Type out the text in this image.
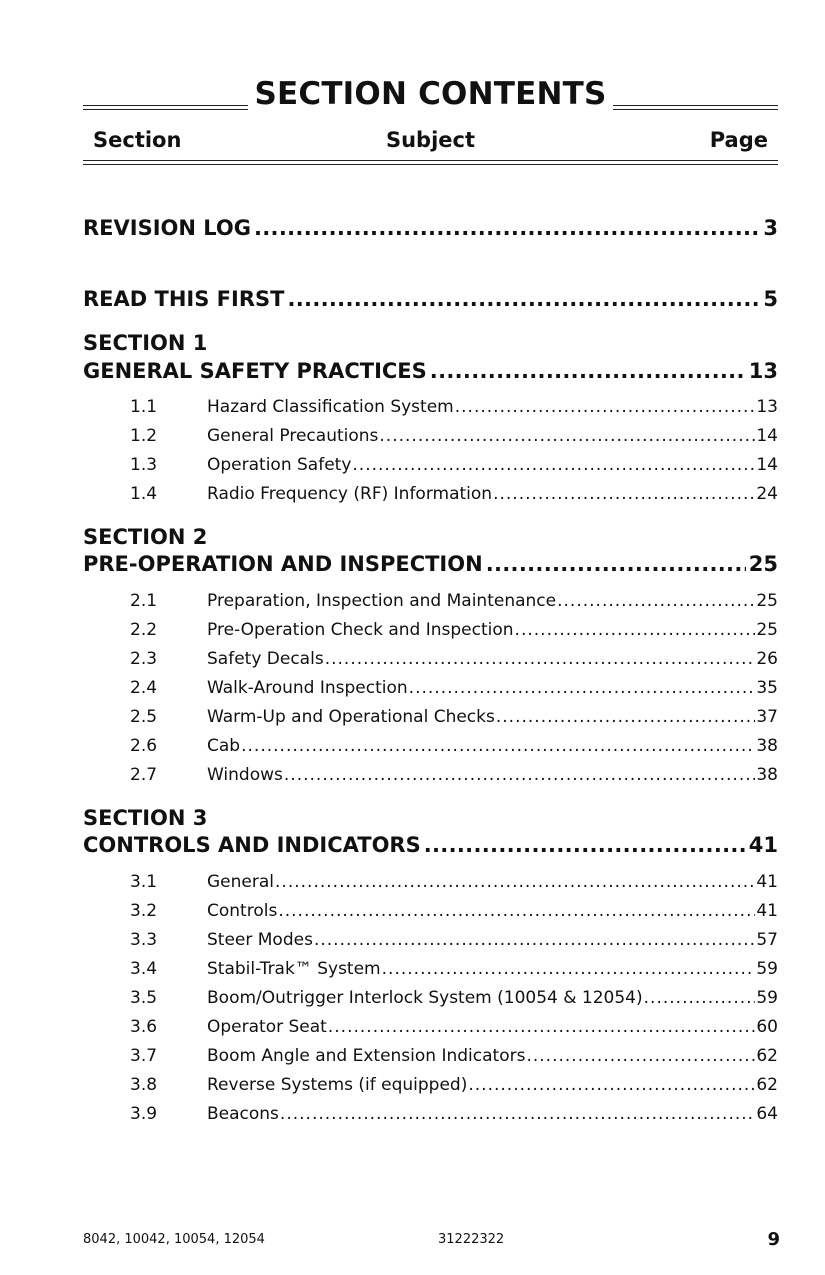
SECTION CONTENTS
Section	Subject	Page
REVISION LOG . . .	3
READ THIS FIRST . . .	5
SECTION 1
GENERAL SAFETY PRACTICES . . .	13
1.1	Hazard Classification System . . .	13
1.2	General Precautions . . .	14
1.3	Operation Safety . . .	14
1.4	Radio Frequency (RF) Information . . .	24
SECTION 2
PRE-OPERATION AND INSPECTION . . .	25
2.1	Preparation, Inspection and Maintenance . . .	25
2.2	Pre-Operation Check and Inspection . . .	25
2.3	Safety Decals . . .	26
2.4	Walk-Around Inspection . . .	35
2.5	Warm-Up and Operational Checks . . .	37
2.6	Cab . . .	38
2.7	Windows . . .	38
SECTION 3
CONTROLS AND INDICATORS . . .	41
3.1	General . . .	41
3.2	Controls . . .	41
3.3	Steer Modes . . .	57
3.4	Stabil-Trak™ System . . .	59
3.5	Boom/Outrigger Interlock System (10054 & 12054) . . .	59
3.6	Operator Seat . . .	60
3.7	Boom Angle and Extension Indicators . . .	62
3.8	Reverse Systems (if equipped) . . .	62
3.9	Beacons . . .	64
8042, 10042, 10054, 12054	31222322	9
